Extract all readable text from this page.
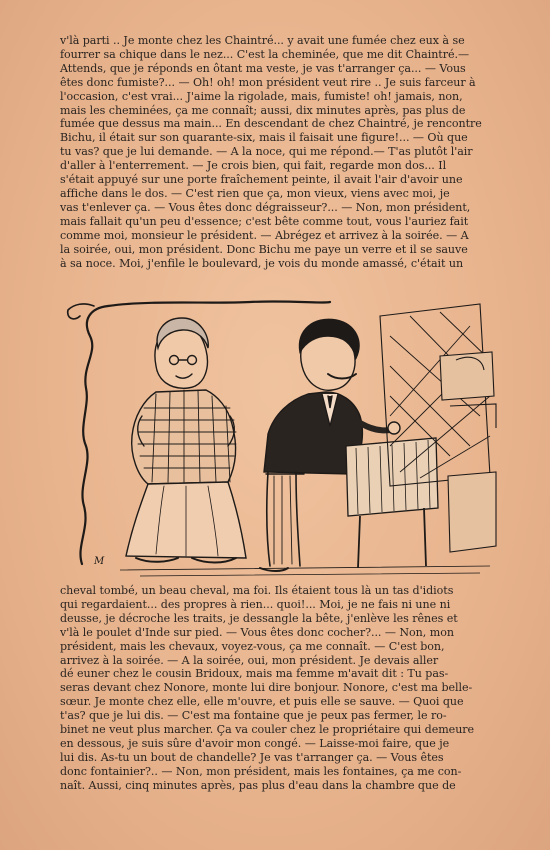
v'là parti .. Je monte chez les Chaintré... y avait une fumée chez eux à se

fourrer sa chique dans le nez... C'est la cheminée, que me dit Chaintré.—

Attends, que je réponds en ôtant ma veste, je vas t'arranger ça... — Vous

êtes donc fumiste?... — Oh! oh! mon président veut rire .. Je suis farceur à

l'occasion, c'est vrai... J'aime la rigolade, mais, fumiste! oh! jamais, non,

mais les cheminées, ça me connaît; aussi, dix minutes après, pas plus de

fumée que dessus ma main... En descendant de chez Chaintré, je rencontre

Bichu, il était sur son quarante-six, mais il faisait une figure!... — Où que

tu vas? que je lui demande. — A la noce, qui me répond.— T'as plutôt l'air

d'aller à l'enterrement. — Je crois bien, qui fait, regarde mon dos... Il

s'était appuyé sur une porte fraîchement peinte, il avait l'air d'avoir une

affiche dans le dos. — C'est rien que ça, mon vieux, viens avec moi, je

vas t'enlever ça. — Vous êtes donc dégraisseur?... — Non, mon président,

mais fallait qu'un peu d'essence; c'est bête comme tout, vous l'auriez fait

comme moi, monsieur le président. — Abrégez et arrivez à la soirée. — A

la soirée, oui, mon président. Donc Bichu me paye un verre et il se sauve

à sa noce. Moi, j'enfile le boulevard, je vois du monde amassé, c'était un

M

cheval tombé, un beau cheval, ma foi. Ils étaient tous là un tas d'idiots

qui regardaient... des propres à rien... quoi!... Moi, je ne fais ni une ni

deusse, je décroche les traits, je dessangle la bête, j'enlève les rênes et

v'là le poulet d'Inde sur pied. — Vous êtes donc cocher?... — Non, mon

président, mais les chevaux, voyez-vous, ça me connaît. — C'est bon,

arrivez à la soirée. — A la soirée, oui, mon président. Je devais aller

dé euner chez le cousin Bridoux, mais ma femme m'avait dit : Tu pas-

seras devant chez Nonore, monte lui dire bonjour. Nonore, c'est ma belle-

sœur. Je monte chez elle, elle m'ouvre, et puis elle se sauve. — Quoi que

t'as? que je lui dis. — C'est ma fontaine que je peux pas fermer, le ro-

binet ne veut plus marcher. Ça va couler chez le propriétaire qui demeure

en dessous, je suis sûre d'avoir mon congé. — Laisse-moi faire, que je

lui dis. As-tu un bout de chandelle? Je vas t'arranger ça. — Vous êtes

donc fontainier?.. — Non, mon président, mais les fontaines, ça me con-

naît. Aussi, cinq minutes après, pas plus d'eau dans la chambre que de
